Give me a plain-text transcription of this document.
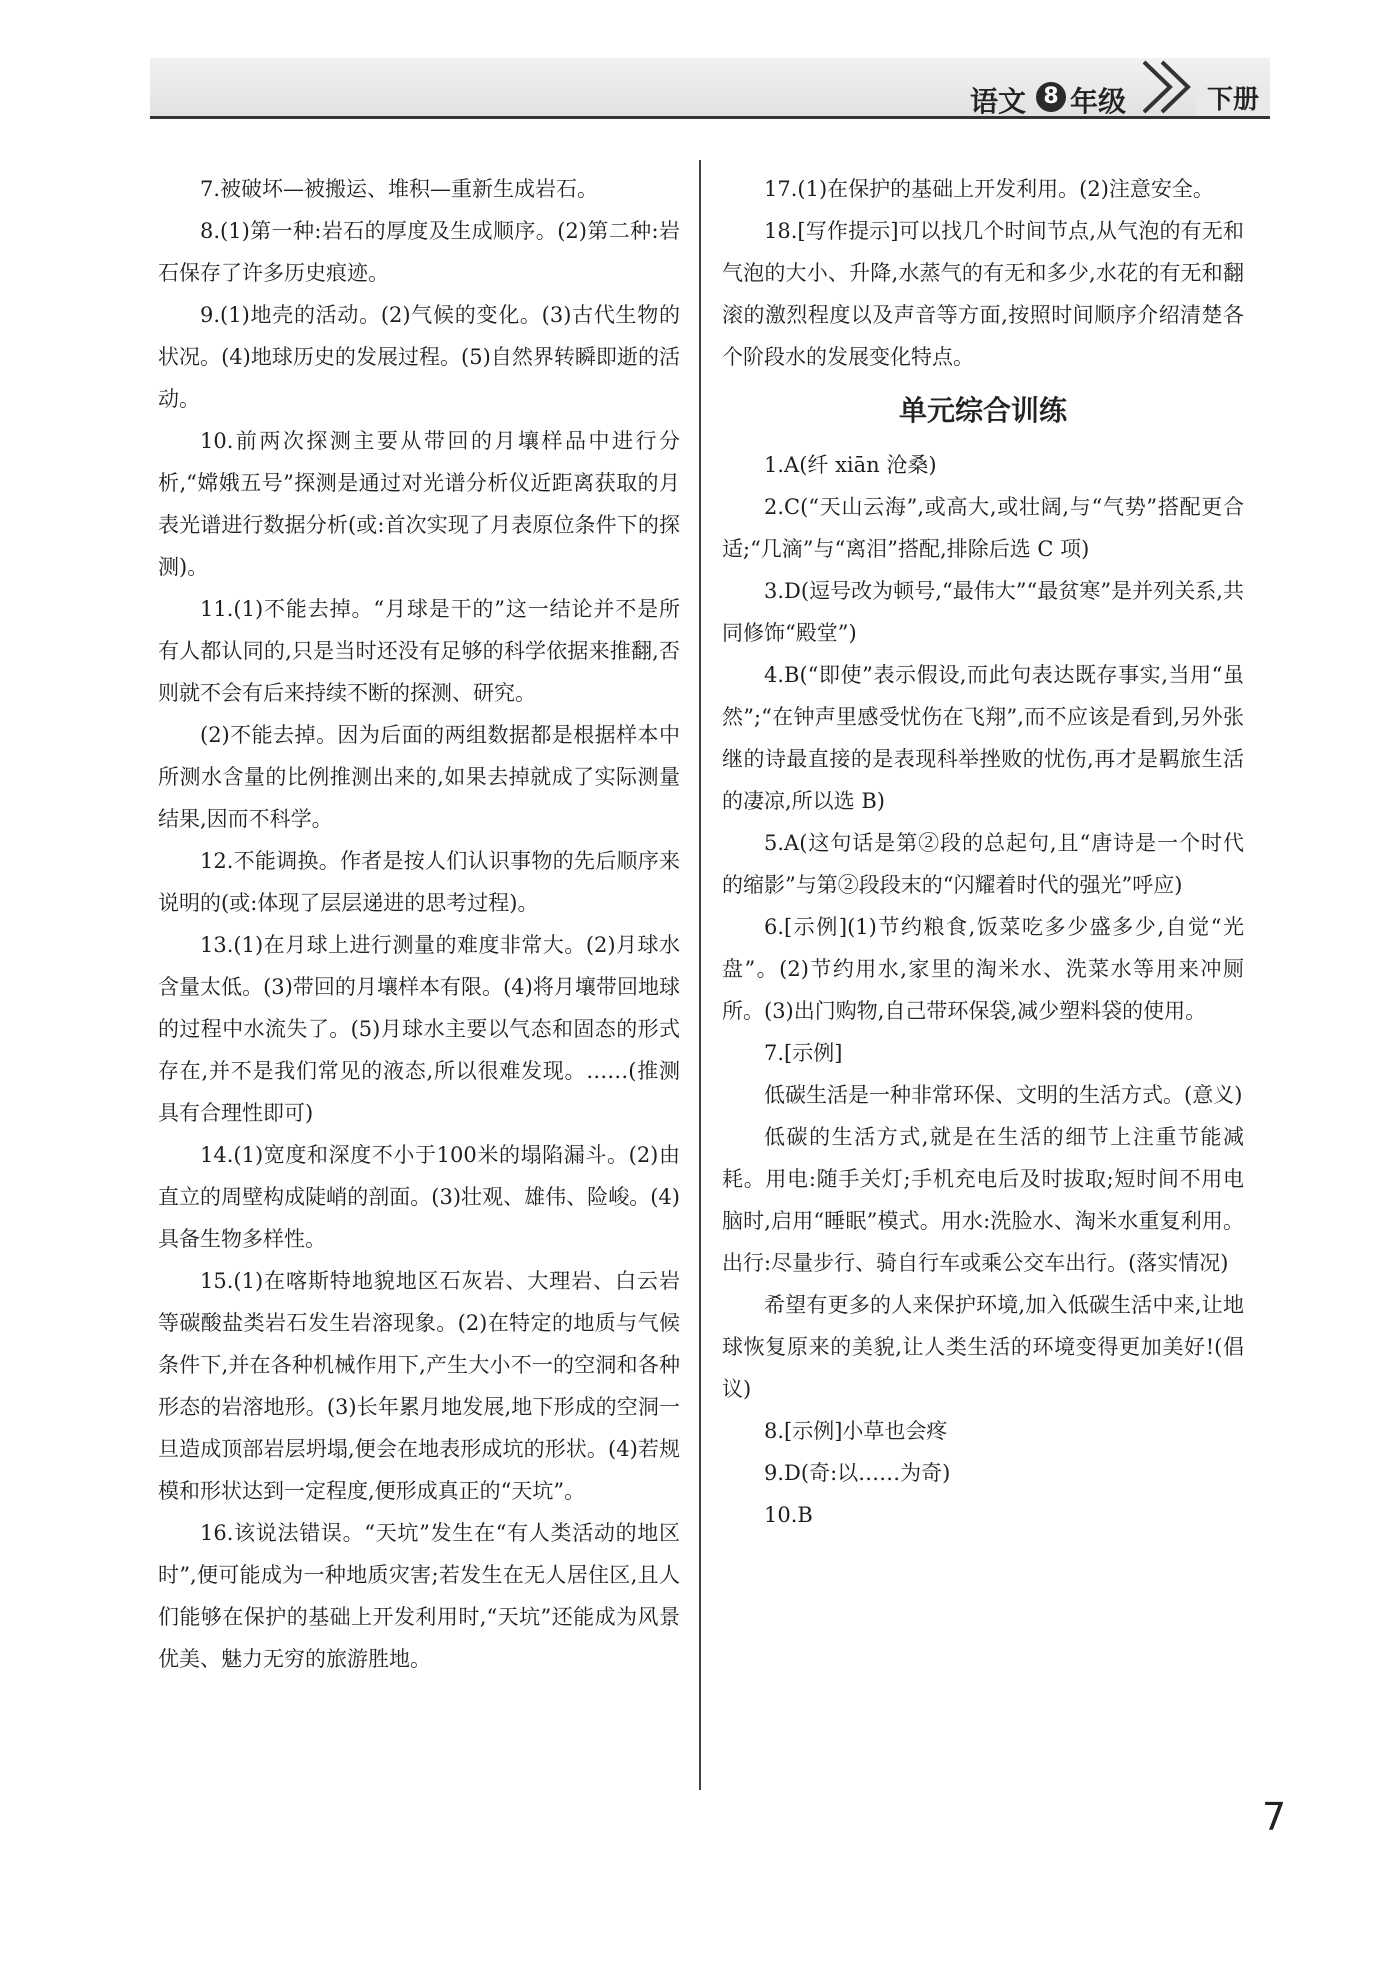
语文 8 年级	下册

7.被破坏—被搬运、堆积—重新生成岩石。

8.(1)第一种:岩石的厚度及生成顺序。(2)第二种:岩石保存了许多历史痕迹。

9.(1)地壳的活动。(2)气候的变化。(3)古代生物的状况。(4)地球历史的发展过程。(5)自然界转瞬即逝的活动。

10.前两次探测主要从带回的月壤样品中进行分析,“嫦娥五号”探测是通过对光谱分析仪近距离获取的月表光谱进行数据分析(或:首次实现了月表原位条件下的探测)。

11.(1)不能去掉。“月球是干的”这一结论并不是所有人都认同的,只是当时还没有足够的科学依据来推翻,否则就不会有后来持续不断的探测、研究。

(2)不能去掉。因为后面的两组数据都是根据样本中所测水含量的比例推测出来的,如果去掉就成了实际测量结果,因而不科学。

12.不能调换。作者是按人们认识事物的先后顺序来说明的(或:体现了层层递进的思考过程)。

13.(1)在月球上进行测量的难度非常大。(2)月球水含量太低。(3)带回的月壤样本有限。(4)将月壤带回地球的过程中水流失了。(5)月球水主要以气态和固态的形式存在,并不是我们常见的液态,所以很难发现。……(推测具有合理性即可)

14.(1)宽度和深度不小于100米的塌陷漏斗。(2)由直立的周壁构成陡峭的剖面。(3)壮观、雄伟、险峻。(4)具备生物多样性。

15.(1)在喀斯特地貌地区石灰岩、大理岩、白云岩等碳酸盐类岩石发生岩溶现象。(2)在特定的地质与气候条件下,并在各种机械作用下,产生大小不一的空洞和各种形态的岩溶地形。(3)长年累月地发展,地下形成的空洞一旦造成顶部岩层坍塌,便会在地表形成坑的形状。(4)若规模和形状达到一定程度,便形成真正的“天坑”。

16.该说法错误。“天坑”发生在“有人类活动的地区时”,便可能成为一种地质灾害;若发生在无人居住区,且人们能够在保护的基础上开发利用时,“天坑”还能成为风景优美、魅力无穷的旅游胜地。

17.(1)在保护的基础上开发利用。(2)注意安全。

18.[写作提示]可以找几个时间节点,从气泡的有无和气泡的大小、升降,水蒸气的有无和多少,水花的有无和翻滚的激烈程度以及声音等方面,按照时间顺序介绍清楚各个阶段水的发展变化特点。

单元综合训练

1.A(纤 xiān 沧桑)

2.C(“天山云海”,或高大,或壮阔,与“气势”搭配更合适;“几滴”与“离泪”搭配,排除后选 C 项)

3.D(逗号改为顿号,“最伟大”“最贫寒”是并列关系,共同修饰“殿堂”)

4.B(“即使”表示假设,而此句表达既存事实,当用“虽然”;“在钟声里感受忧伤在飞翔”,而不应该是看到,另外张继的诗最直接的是表现科举挫败的忧伤,再才是羁旅生活的凄凉,所以选 B)

5.A(这句话是第②段的总起句,且“唐诗是一个时代的缩影”与第②段段末的“闪耀着时代的强光”呼应)

6.[示例](1)节约粮食,饭菜吃多少盛多少,自觉“光盘”。(2)节约用水,家里的淘米水、洗菜水等用来冲厕所。(3)出门购物,自己带环保袋,减少塑料袋的使用。

7.[示例]

低碳生活是一种非常环保、文明的生活方式。(意义)

低碳的生活方式,就是在生活的细节上注重节能减耗。用电:随手关灯;手机充电后及时拔取;短时间不用电脑时,启用“睡眠”模式。用水:洗脸水、淘米水重复利用。出行:尽量步行、骑自行车或乘公交车出行。(落实情况)

希望有更多的人来保护环境,加入低碳生活中来,让地球恢复原来的美貌,让人类生活的环境变得更加美好!(倡议)

8.[示例]小草也会疼

9.D(奇:以……为奇)

10.B

7
